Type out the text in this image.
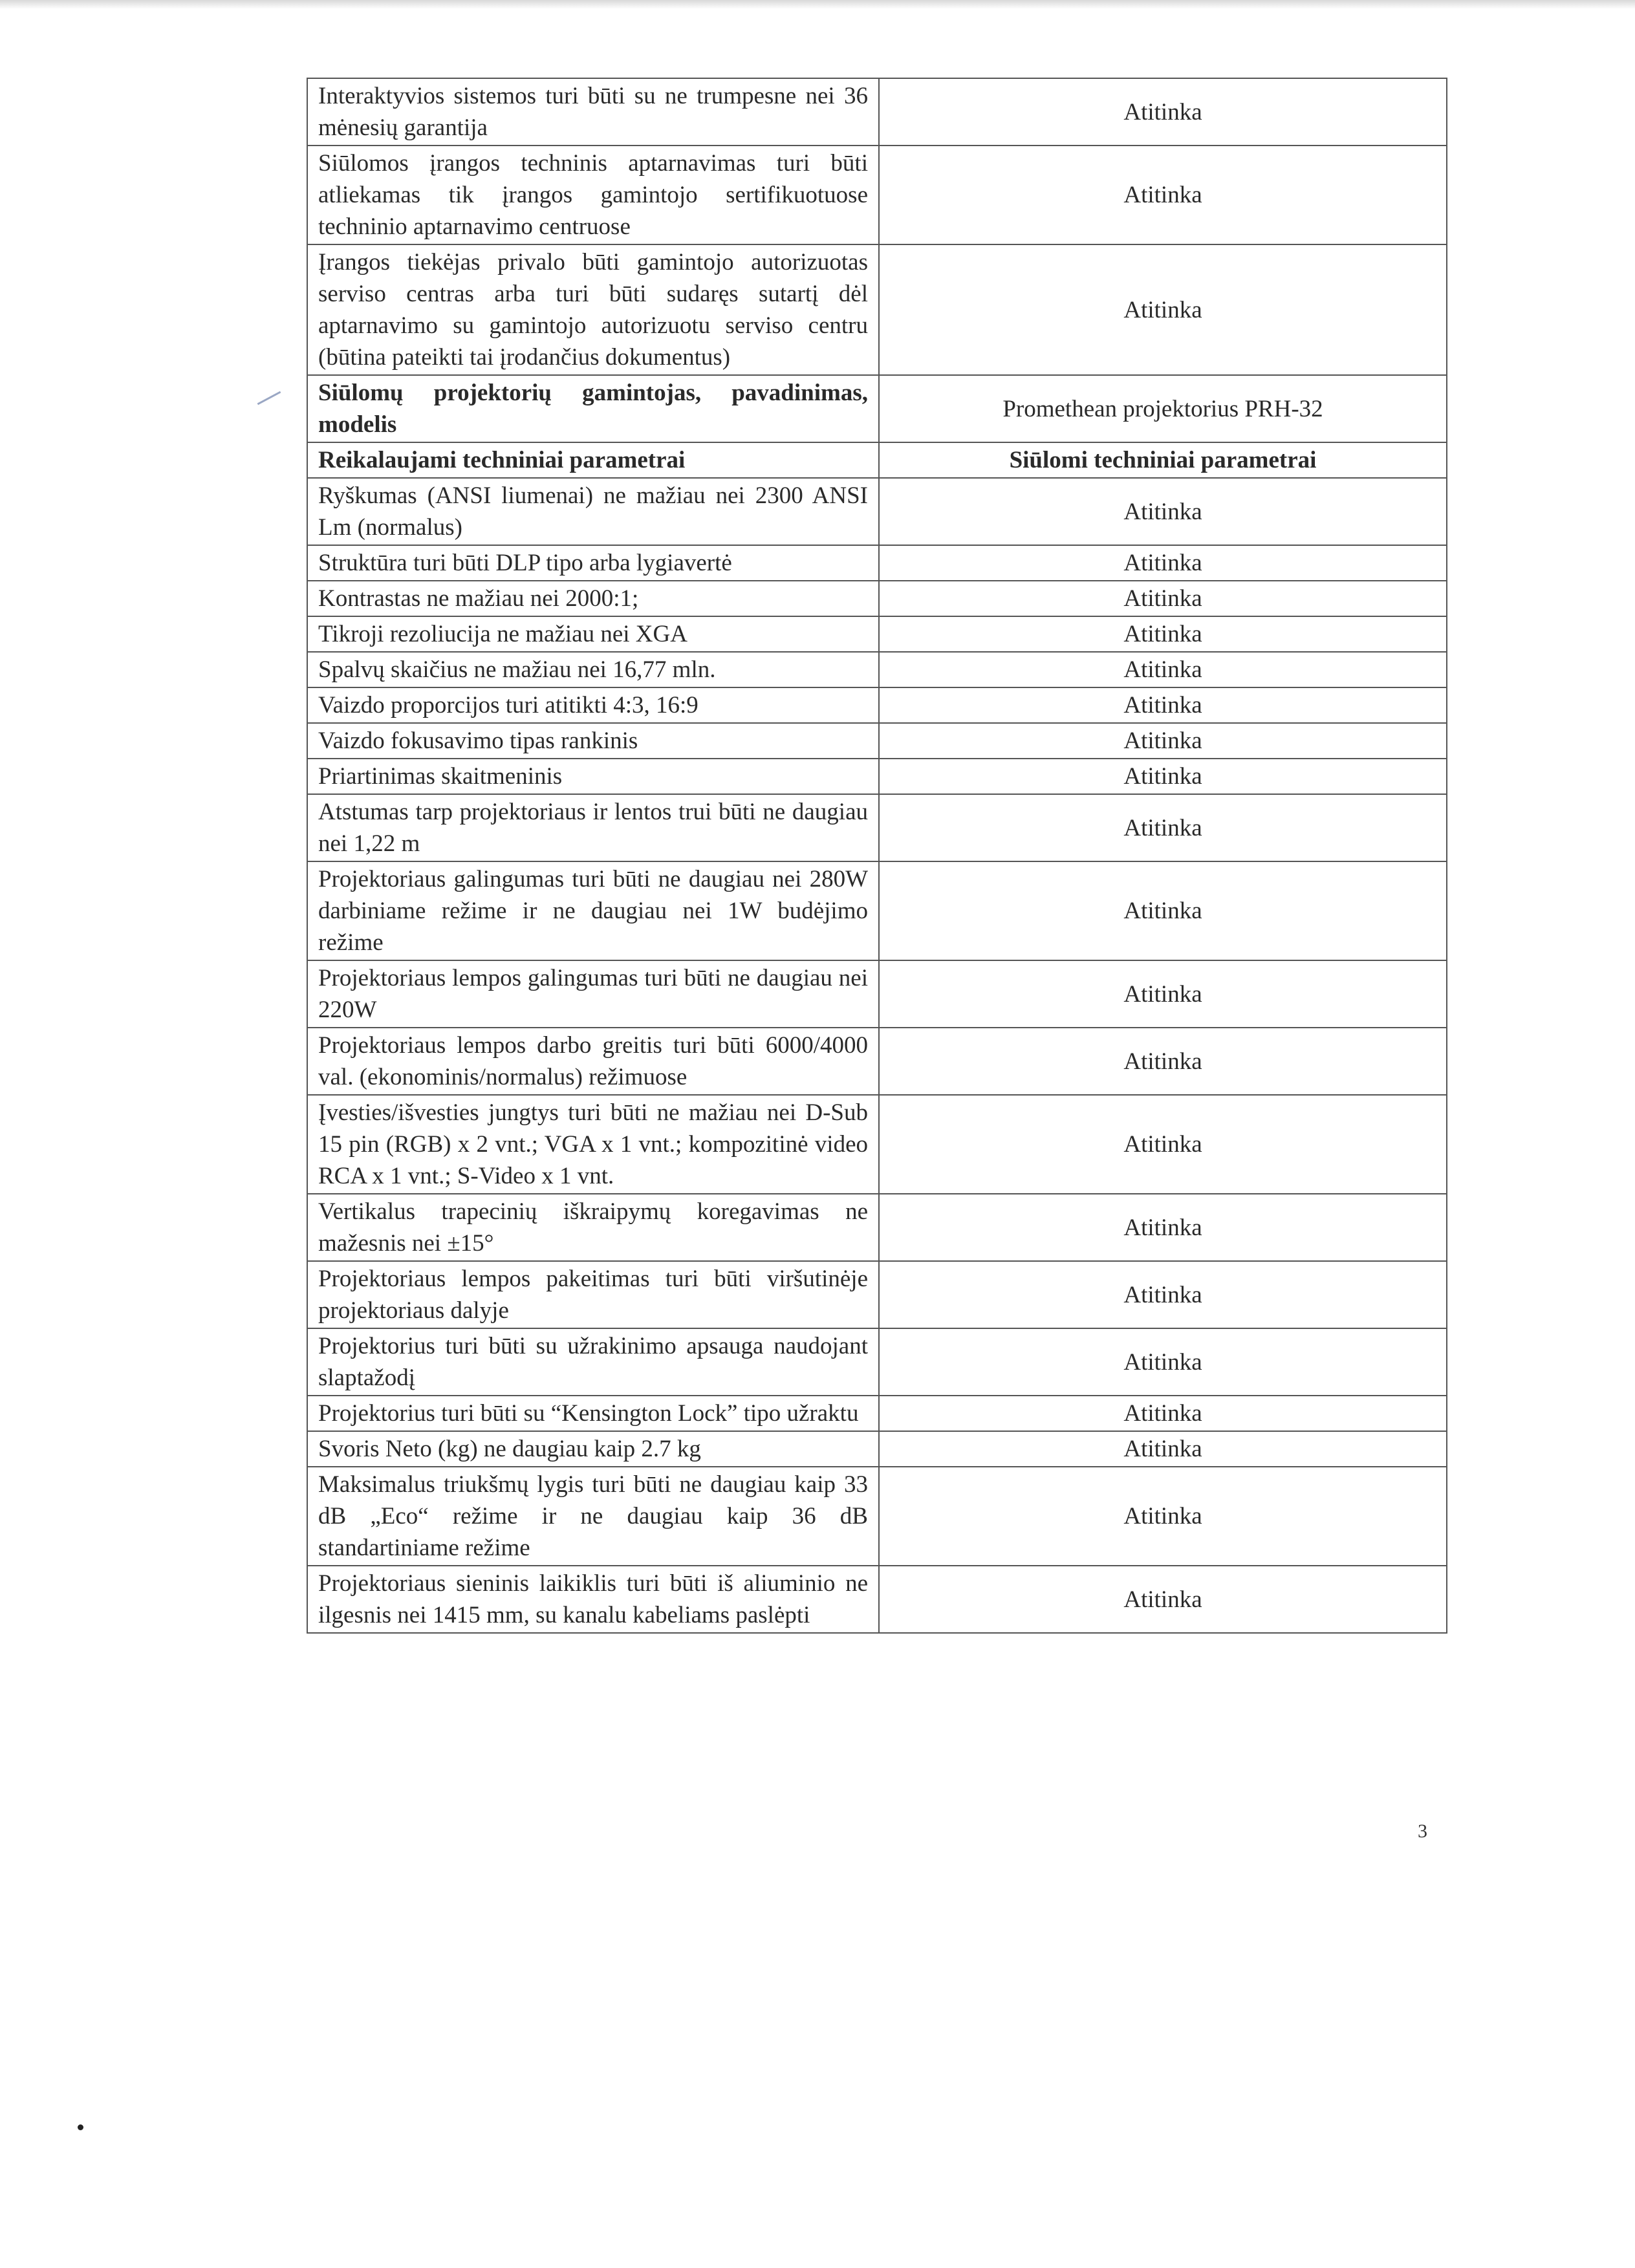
Interaktyvios sistemos turi būti su ne trumpesne nei 36 mėnesių garantija	Atitinka
Siūlomos įrangos techninis aptarnavimas turi būti atliekamas tik įrangos gamintojo sertifikuotuose techninio aptarnavimo centruose	Atitinka
Įrangos tiekėjas privalo būti gamintojo autorizuotas serviso centras arba turi būti sudaręs sutartį dėl aptarnavimo su gamintojo autorizuotu serviso centru (būtina pateikti tai įrodančius dokumentus)	Atitinka
Siūlomų projektorių gamintojas, pavadinimas, modelis	Promethean projektorius PRH-32
Reikalaujami techniniai parametrai	Siūlomi techniniai parametrai
Ryškumas (ANSI liumenai) ne mažiau nei 2300 ANSI Lm (normalus)	Atitinka
Struktūra turi būti DLP tipo arba lygiavertė	Atitinka
Kontrastas ne mažiau nei 2000:1;	Atitinka
Tikroji rezoliucija ne mažiau nei XGA	Atitinka
Spalvų skaičius ne mažiau nei 16,77 mln.	Atitinka
Vaizdo proporcijos turi atitikti 4:3, 16:9	Atitinka
Vaizdo fokusavimo tipas rankinis	Atitinka
Priartinimas skaitmeninis	Atitinka
Atstumas tarp projektoriaus ir lentos trui būti ne daugiau nei 1,22 m	Atitinka
Projektoriaus galingumas turi būti ne daugiau nei 280W darbiniame režime ir ne daugiau nei 1W budėjimo režime	Atitinka
Projektoriaus lempos galingumas turi būti ne daugiau nei 220W	Atitinka
Projektoriaus lempos darbo greitis turi būti 6000/4000 val. (ekonominis/normalus) režimuose	Atitinka
Įvesties/išvesties jungtys turi būti ne mažiau nei D-Sub 15 pin (RGB) x 2 vnt.; VGA x 1 vnt.; kompozitinė video RCA x 1 vnt.; S-Video x 1 vnt.	Atitinka
Vertikalus trapecinių iškraipymų koregavimas ne mažesnis nei ±15°	Atitinka
Projektoriaus lempos pakeitimas turi būti viršutinėje projektoriaus dalyje	Atitinka
Projektorius turi būti su užrakinimo apsauga naudojant slaptažodį	Atitinka
Projektorius turi būti su “Kensington Lock” tipo užraktu	Atitinka
Svoris Neto (kg) ne daugiau kaip 2.7 kg	Atitinka
Maksimalus triukšmų lygis turi būti ne daugiau kaip 33 dB „Eco“ režime ir ne daugiau kaip 36 dB standartiniame režime	Atitinka
Projektoriaus sieninis laikiklis turi būti iš aliuminio ne ilgesnis nei 1415 mm, su kanalu kabeliams paslėpti	Atitinka
3
